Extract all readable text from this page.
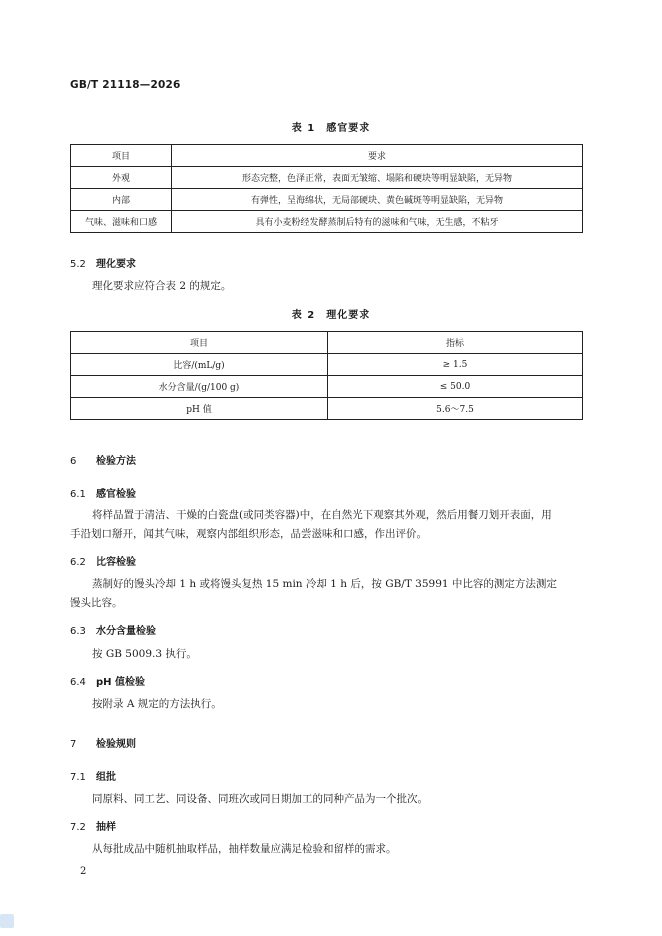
GB/T 21118—2026
表 1　感官要求
项目	要求
外观	形态完整，色泽正常，表面无皱缩、塌陷和硬块等明显缺陷，无异物
内部	有弹性，呈海绵状，无局部硬块、黄色碱斑等明显缺陷，无异物
气味、滋味和口感	具有小麦粉经发酵蒸制后特有的滋味和气味，无生感，不粘牙
5.2 理化要求
理化要求应符合表 2 的规定。
表 2　理化要求
项目	指标
比容/(mL/g)	≥ 1.5
水分含量/(g/100 g)	≤ 50.0
pH 值	5.6～7.5
6 检验方法
6.1 感官检验
将样品置于清洁、干燥的白瓷盘(或同类容器)中，在自然光下观察其外观，然后用餐刀划开表面，用
手沿划口掰开，闻其气味，观察内部组织形态，品尝滋味和口感，作出评价。
6.2 比容检验
蒸制好的馒头冷却 1 h 或将馒头复热 15 min 冷却 1 h 后，按 GB/T 35991 中比容的测定方法测定
馒头比容。
6.3 水分含量检验
按 GB 5009.3 执行。
6.4 pH 值检验
按附录 A 规定的方法执行。
7 检验规则
7.1 组批
同原料、同工艺、同设备、同班次或同日期加工的同种产品为一个批次。
7.2 抽样
从每批成品中随机抽取样品，抽样数量应满足检验和留样的需求。
2
